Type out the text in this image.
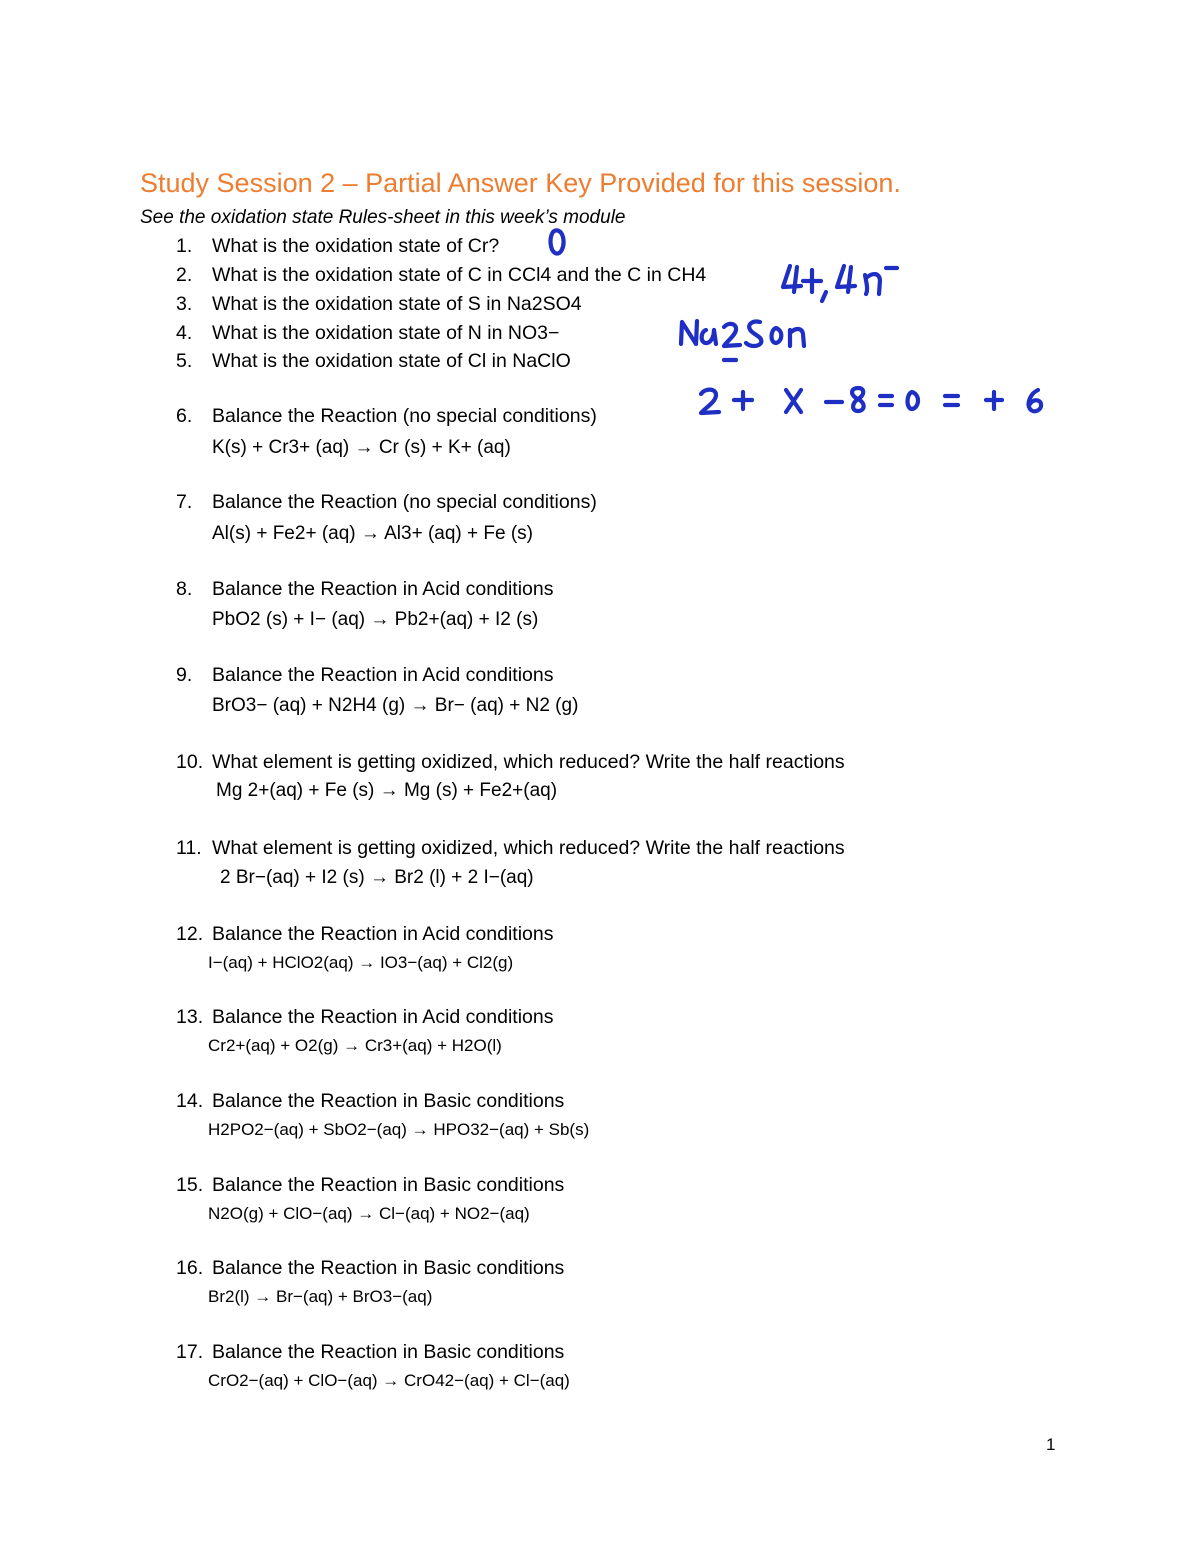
Study Session 2 – Partial Answer Key Provided for this session.
See the oxidation state Rules-sheet in this week’s module
1. What is the oxidation state of Cr?
2. What is the oxidation state of C in CCl4 and the C in CH4
3. What is the oxidation state of S in Na2SO4
4. What is the oxidation state of N in NO3−
5. What is the oxidation state of Cl in NaClO
6. Balance the Reaction (no special conditions)
K(s) + Cr3+ (aq) → Cr (s) + K+ (aq)
7. Balance the Reaction (no special conditions)
Al(s) + Fe2+ (aq) → Al3+ (aq) + Fe (s)
8. Balance the Reaction in Acid conditions
PbO2 (s) + I− (aq) → Pb2+(aq) + I2 (s)
9. Balance the Reaction in Acid conditions
BrO3− (aq) + N2H4 (g) → Br− (aq) + N2 (g)
10. What element is getting oxidized, which reduced? Write the half reactions
Mg 2+(aq) + Fe (s) → Mg (s) + Fe2+(aq)
11. What element is getting oxidized, which reduced? Write the half reactions
2 Br−(aq) + I2 (s) → Br2 (l) + 2 I−(aq)
12. Balance the Reaction in Acid conditions
I−(aq) + HClO2(aq) → IO3−(aq) + Cl2(g)
13. Balance the Reaction in Acid conditions
Cr2+(aq) + O2(g) → Cr3+(aq) + H2O(l)
14. Balance the Reaction in Basic conditions
H2PO2−(aq) + SbO2−(aq) → HPO32−(aq) + Sb(s)
15. Balance the Reaction in Basic conditions
N2O(g) + ClO−(aq) → Cl−(aq) + NO2−(aq)
16. Balance the Reaction in Basic conditions
Br2(l) → Br−(aq) + BrO3−(aq)
17. Balance the Reaction in Basic conditions
CrO2−(aq) + ClO−(aq) → CrO42−(aq) + Cl−(aq)
1
